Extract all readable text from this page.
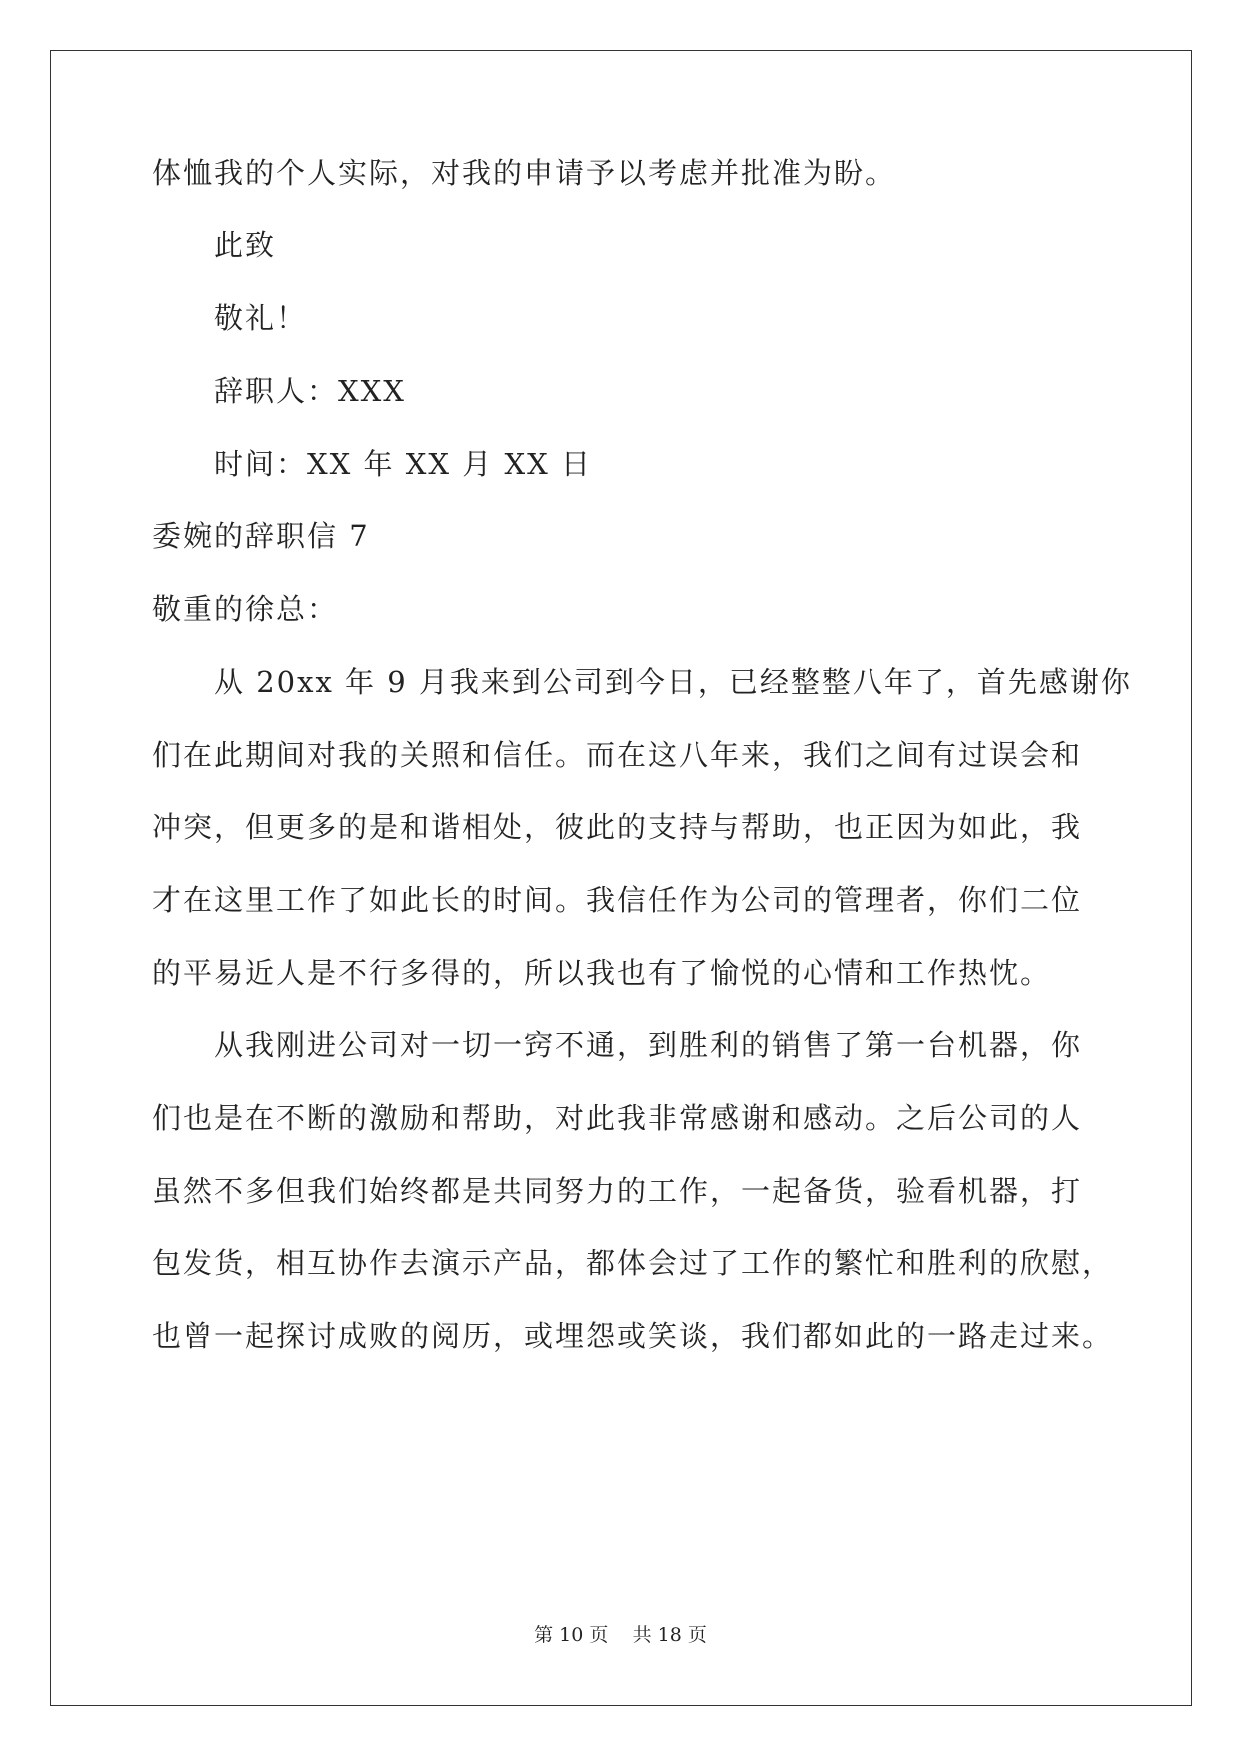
体恤我的个人实际，对我的申请予以考虑并批准为盼。
此致
敬礼！
辞职人：XXX
时间：XX 年 XX 月 XX 日
委婉的辞职信 7
敬重的徐总：
从 20xx 年 9 月我来到公司到今日，已经整整八年了，首先感谢你
们在此期间对我的关照和信任。而在这八年来，我们之间有过误会和
冲突，但更多的是和谐相处，彼此的支持与帮助，也正因为如此，我
才在这里工作了如此长的时间。我信任作为公司的管理者，你们二位
的平易近人是不行多得的，所以我也有了愉悦的心情和工作热忱。
从我刚进公司对一切一窍不通，到胜利的销售了第一台机器，你
们也是在不断的激励和帮助，对此我非常感谢和感动。之后公司的人
虽然不多但我们始终都是共同努力的工作，一起备货，验看机器，打
包发货，相互协作去演示产品，都体会过了工作的繁忙和胜利的欣慰，
也曾一起探讨成败的阅历，或埋怨或笑谈，我们都如此的一路走过来。
第 10 页 共 18 页
